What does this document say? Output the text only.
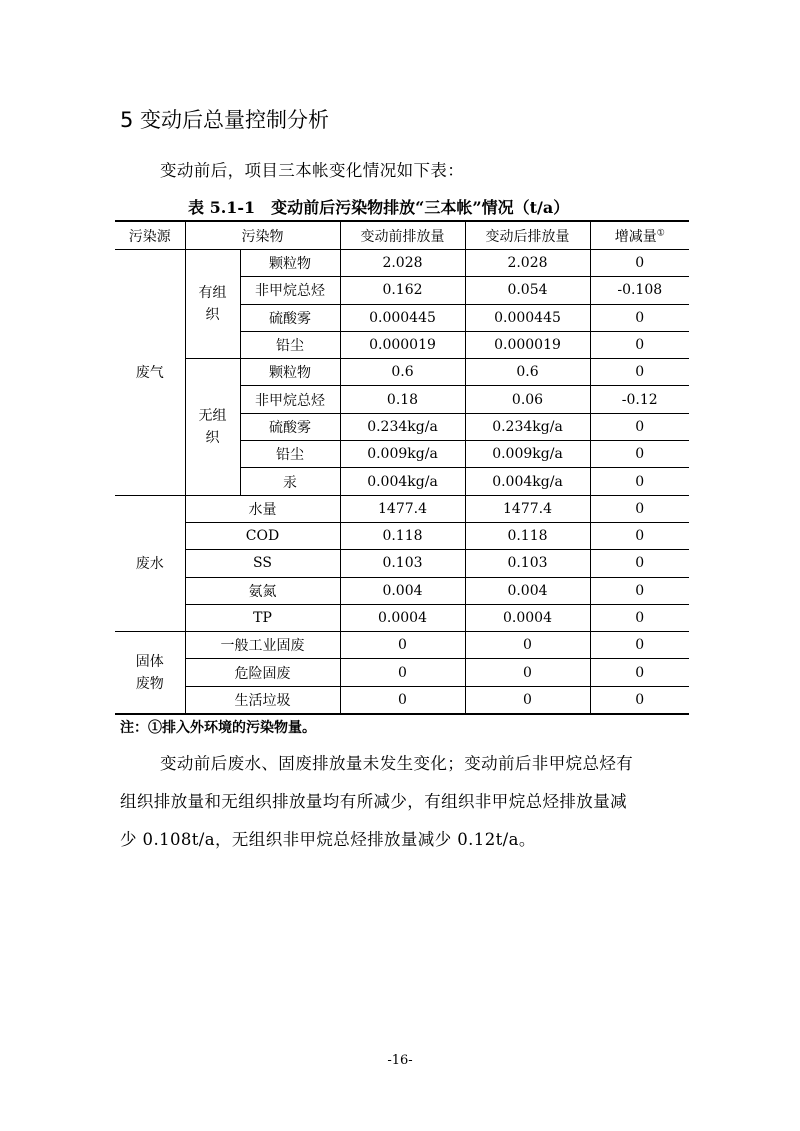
5 变动后总量控制分析
变动前后，项目三本帐变化情况如下表：
表 5.1-1　变动前后污染物排放“三本帐”情况（t/a）
污染源	污染物		变动前排放量	变动后排放量	增减量①
废气	有组织	颗粒物	2.028	2.028	0
		非甲烷总烃	0.162	0.054	-0.108
		硫酸雾	0.000445	0.000445	0
		铅尘	0.000019	0.000019	0
	无组织	颗粒物	0.6	0.6	0
		非甲烷总烃	0.18	0.06	-0.12
		硫酸雾	0.234kg/a	0.234kg/a	0
		铅尘	0.009kg/a	0.009kg/a	0
		汞	0.004kg/a	0.004kg/a	0
废水	水量		1477.4	1477.4	0
	COD		0.118	0.118	0
	SS		0.103	0.103	0
	氨氮		0.004	0.004	0
	TP		0.0004	0.0004	0
固体废物	一般工业固废		0	0	0
	危险固废		0	0	0
	生活垃圾		0	0	0
注：①排入外环境的污染物量。
变动前后废水、固废排放量未发生变化；变动前后非甲烷总烃有
组织排放量和无组织排放量均有所减少，有组织非甲烷总烃排放量减
少 0.108t/a，无组织非甲烷总烃排放量减少 0.12t/a。
-16-
